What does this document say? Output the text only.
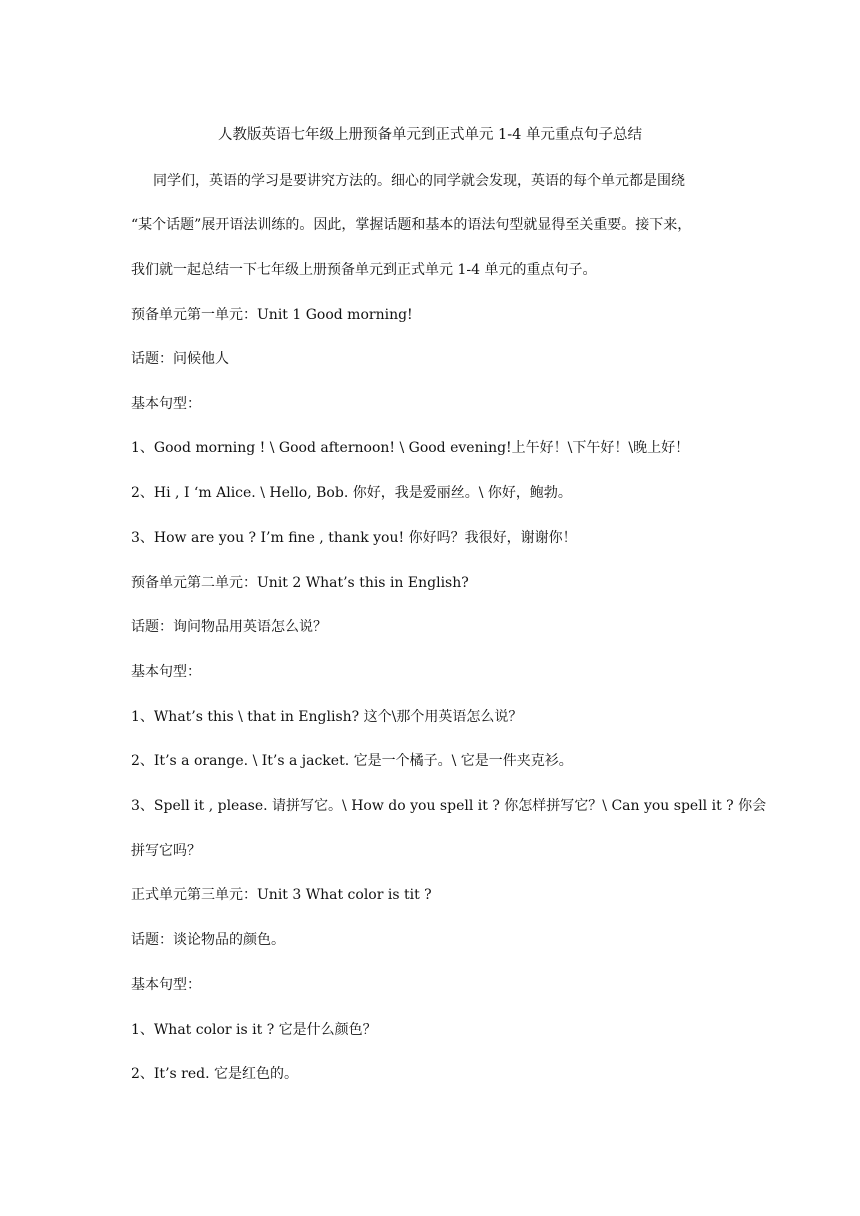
人教版英语七年级上册预备单元到正式单元 1-4 单元重点句子总结
同学们，英语的学习是要讲究方法的。细心的同学就会发现，英语的每个单元都是围绕
“某个话题”展开语法训练的。因此，掌握话题和基本的语法句型就显得至关重要。接下来，
我们就一起总结一下七年级上册预备单元到正式单元 1-4 单元的重点句子。
预备单元第一单元：Unit 1 Good morning!
话题：问候他人
基本句型：
1、Good morning ! \ Good afternoon! \ Good evening!上午好！\下午好！\晚上好！
2、Hi , I ‘m Alice. \ Hello, Bob. 你好，我是爱丽丝。\ 你好，鲍勃。
3、How are you ? I’m fine , thank you! 你好吗？我很好，谢谢你！
预备单元第二单元：Unit 2 What’s this in English?
话题：询问物品用英语怎么说？
基本句型：
1、What’s this \ that in English? 这个\那个用英语怎么说？
2、It’s a orange. \ It’s a jacket. 它是一个橘子。\ 它是一件夹克衫。
3、Spell it , please. 请拼写它。\ How do you spell it ? 你怎样拼写它？\ Can you spell it ? 你会
拼写它吗？
正式单元第三单元：Unit 3 What color is tit ?
话题：谈论物品的颜色。
基本句型：
1、What color is it ? 它是什么颜色？
2、It’s red. 它是红色的。
